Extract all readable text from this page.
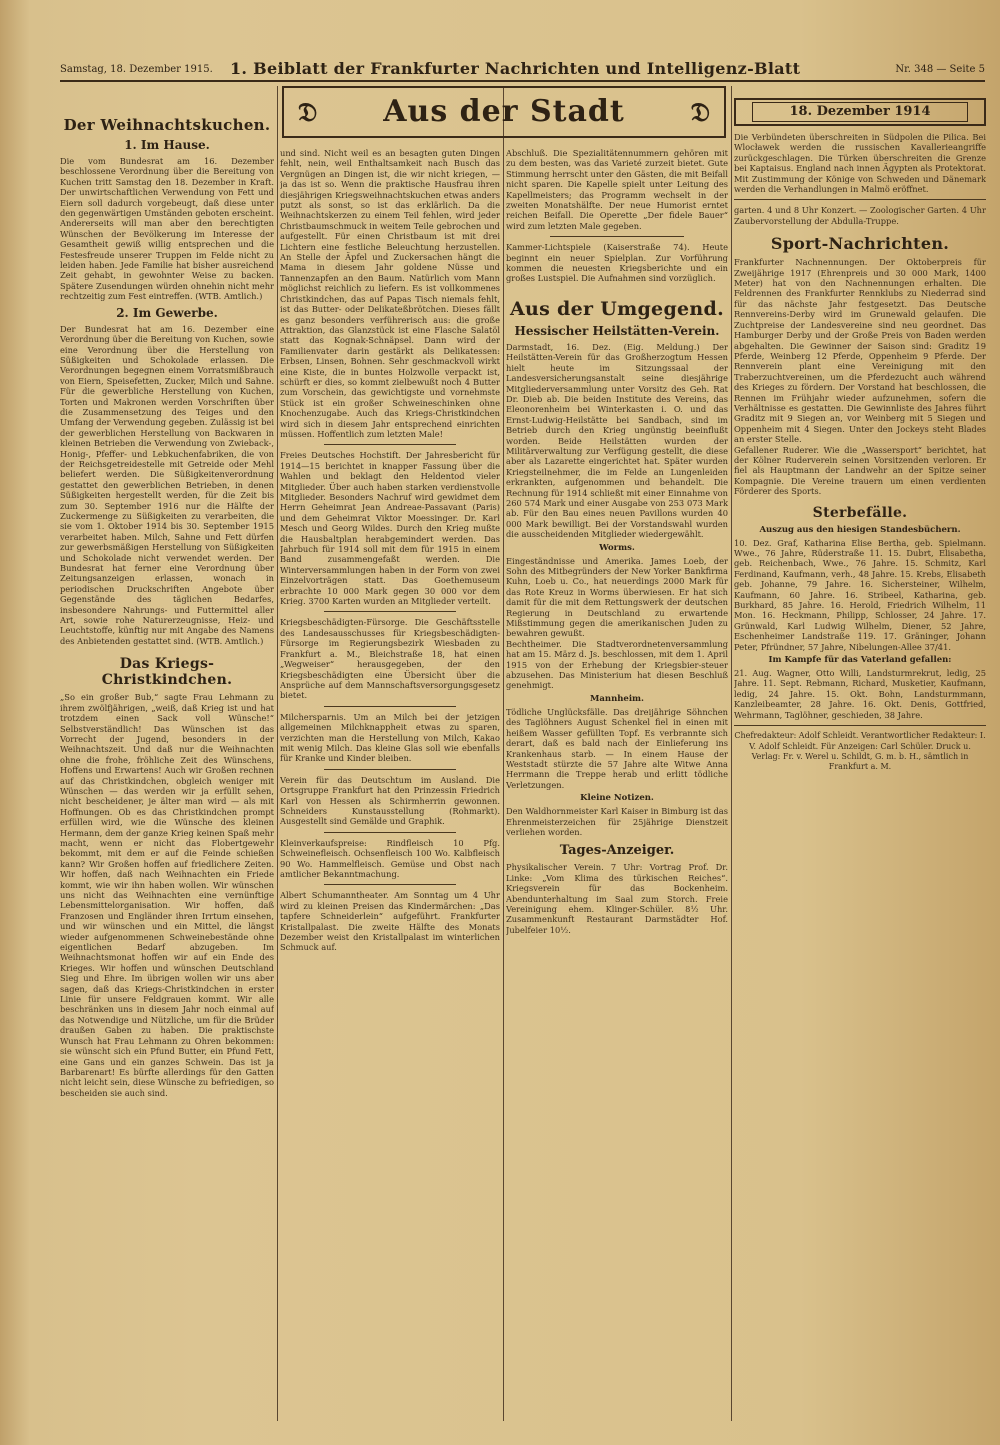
Samstag, 18. Dezember 1915. 1. Beiblatt der Frankfurter Nachrichten und Intelligenz-Blatt	Nr. 348 — Seite 5
Der Weihnachtskuchen.
1. Im Hause.

Die vom Bundesrat am 16. Dezember beschlossene Verordnung über die Bereitung von Kuchen tritt Samstag den 18. Dezember in Kraft. Der unwirtschaftlichen Verwendung von Fett und Eiern soll dadurch vorgebeugt, daß diese unter den gegenwärtigen Umständen geboten erscheint. Andererseits will man aber den berechtigten Wünschen der Bevölkerung im Interesse der Gesamtheit gewiß willig entsprechen und die Festesfreude unserer Truppen im Felde nicht zu leiden haben. Jede Familie hat bisher ausreichend Zeit gehabt, in gewohnter Weise zu backen. Spätere Zusendungen würden ohnehin nicht mehr rechtzeitig zum Fest eintreffen. (WTB. Amtlich.)

2. Im Gewerbe.

Der Bundesrat hat am 16. Dezember eine Verordnung über die Bereitung von Kuchen, sowie eine Verordnung über die Herstellung von Süßigkeiten und Schokolade erlassen. Die Verordnungen begegnen einem Vorratsmißbrauch von Eiern, Speisefetten, Zucker, Milch und Sahne. Für die gewerbliche Herstellung von Kuchen, Torten und Makronen werden Vorschriften über die Zusammensetzung des Teiges und den Umfang der Verwendung gegeben. Zulässig ist bei der gewerblichen Herstellung von Backwaren in kleinen Betrieben die Verwendung von Zwieback-, Honig-, Pfeffer- und Lebkuchenfabriken, die von der Reichsgetreidestelle mit Getreide oder Mehl beliefert werden. Die Süßigkeitenverordnung gestattet den gewerblichen Betrieben, in denen Süßigkeiten hergestellt werden, für die Zeit bis zum 30. September 1916 nur die Hälfte der Zuckermenge zu Süßigkeiten zu verarbeiten, die sie vom 1. Oktober 1914 bis 30. September 1915 verarbeitet haben. Milch, Sahne und Fett dürfen zur gewerbsmäßigen Herstellung von Süßigkeiten und Schokolade nicht verwendet werden. Der Bundesrat hat ferner eine Verordnung über Zeitungsanzeigen erlassen, wonach in periodischen Druckschriften Angebote über Gegenstände des täglichen Bedarfes, insbesondere Nahrungs- und Futtermittel aller Art, sowie rohe Naturerzeugnisse, Heiz- und Leuchtstoffe, künftig nur mit Angabe des Namens des Anbietenden gestattet sind. (WTB. Amtlich.)

Das Kriegs-Christkindchen.

„So ein großer Bub,“ sagte Frau Lehmann zu ihrem zwölfjährigen, „weiß, daß Krieg ist und hat trotzdem einen Sack voll Wünsche!“ Selbstverständlich! Das Wünschen ist das Vorrecht der Jugend, besonders in der Weihnachtszeit. Und daß nur die Weihnachten ohne die frohe, fröhliche Zeit des Wünschens, Hoffens und Erwartens! Auch wir Großen rechnen auf das Christkindchen, obgleich weniger mit Wünschen — das werden wir ja erfüllt sehen, nicht bescheidener, je älter man wird — als mit Hoffnungen. Ob es das Christkindchen prompt erfüllen wird, wie die Wünsche des kleinen Hermann, dem der ganze Krieg keinen Spaß mehr macht, wenn er nicht das Flobertgewehr bekommt, mit dem er auf die Feinde schießen kann? Wir Großen hoffen auf friedlichere Zeiten. Wir hoffen, daß nach Weihnachten ein Friede kommt, wie wir ihn haben wollen. Wir wünschen uns nicht das Weihnachten eine vernünftige Lebensmittelorganisation. Wir hoffen, daß Franzosen und Engländer ihren Irrtum einsehen, und wir wünschen und ein Mittel, die längst wieder aufgenommenen Schweinebestände ohne eigentlichen Bedarf abzugeben. Im Weihnachtsmonat hoffen wir auf ein Ende des Krieges. Wir hoffen und wünschen Deutschland Sieg und Ehre. Im übrigen wollen wir uns aber sagen, daß das Kriegs-Christkindchen in erster Linie für unsere Feldgrauen kommt. Wir alle beschränken uns in diesem Jahr noch einmal auf das Notwendige und Nützliche, um für die Brüder draußen Gaben zu haben. Die praktischste Wunsch hat Frau Lehmann zu Ohren bekommen: sie wünscht sich ein Pfund Butter, ein Pfund Fett, eine Gans und ein ganzes Schwein. Das ist ja Barbarenart! Es bürfte allerdings für den Gatten nicht leicht sein, diese Wünsche zu befriedigen, so bescheiden sie auch sind.

𝔇	Aus der Stadt	𝔇

und sind. Nicht weil es an besagten guten Dingen fehlt, nein, weil Enthaltsamkeit nach Busch das Vergnügen an Dingen ist, die wir nicht kriegen, — ja das ist so. Wenn die praktische Hausfrau ihren diesjährigen Kriegsweihnachtskuchen etwas anders putzt als sonst, so ist das erklärlich. Da die Weihnachtskerzen zu einem Teil fehlen, wird jeder Christbaumschmuck in weitem Teile gebrochen und aufgestellt. Für einen Christbaum ist mit drei Lichtern eine festliche Beleuchtung herzustellen. An Stelle der Äpfel und Zuckersachen hängt die Mama in diesem Jahr goldene Nüsse und Tannenzapfen an den Baum. Natürlich vom Mann möglichst reichlich zu liefern. Es ist vollkommenes Christkindchen, das auf Papas Tisch niemals fehlt, ist das Butter- oder Delikateßbrötchen. Dieses fällt es ganz besonders verführerisch aus: die große Attraktion, das Glanzstück ist eine Flasche Salatöl statt das Kognak-Schnäpsel. Dann wird der Familienvater darin gestärkt als Delikatessen: Erbsen, Linsen, Bohnen. Sehr geschmackvoll wirkt eine Kiste, die in buntes Holzwolle verpackt ist, schürft er dies, so kommt zielbewußt noch 4 Butter zum Vorschein, das gewichtigste und vornehmste Stück ist ein großer Schweineschinken ohne Knochenzugabe. Auch das Kriegs-Christkindchen wird sich in diesem Jahr entsprechend einrichten müssen. Hoffentlich zum letzten Male!

Freies Deutsches Hochstift. Der Jahresbericht für 1914—15 berichtet in knapper Fassung über die Wahlen und beklagt den Heldentod vieler Mitglieder. Über auch haben starken verdienstvolle Mitglieder. Besonders Nachruf wird gewidmet dem Herrn Geheimrat Jean Andreae-Passavant (Paris) und dem Geheimrat Viktor Moessinger. Dr. Karl Mesch und Georg Wildes. Durch den Krieg mußte die Hausbaltplan herabgemindert werden. Das Jahrbuch für 1914 soll mit dem für 1915 in einem Band zusammengefaßt werden. Die Winterversammlungen haben in der Form von zwei Einzelvorträgen statt. Das Goethemuseum erbrachte 10 000 Mark gegen 30 000 vor dem Krieg. 3700 Karten wurden an Mitglieder verteilt.

Kriegsbeschädigten-Fürsorge. Die Geschäftsstelle des Landesausschusses für Kriegsbeschädigten-Fürsorge im Regierungsbezirk Wiesbaden zu Frankfurt a. M., Bleichstraße 18, hat einen „Wegweiser“ herausgegeben, der den Kriegsbeschädigten eine Übersicht über die Ansprüche auf dem Mannschaftsversorgungsgesetz bietet.

Milchersparnis. Um an Milch bei der jetzigen allgemeinen Milchknappheit etwas zu sparen, verzichten man die Herstellung von Milch, Kakao mit wenig Milch. Das kleine Glas soll wie ebenfalls für Kranke und Kinder bleiben.

Verein für das Deutschtum im Ausland. Die Ortsgruppe Frankfurt hat den Prinzessin Friedrich Karl von Hessen als Schirmherrin gewonnen. Schneiders Kunstausstellung (Rohmarkt). Ausgestellt sind Gemälde und Graphik.

Kleinverkaufspreise: Rindfleisch 10 Pfg. Schweinefleisch. Ochsenfleisch 100 Wo. Kalbfleisch 90 Wo. Hammelfleisch. Gemüse und Obst nach amtlicher Bekanntmachung.

Albert Schumanntheater. Am Sonntag um 4 Uhr wird zu kleinen Preisen das Kindermärchen: „Das tapfere Schneiderlein“ aufgeführt. Frankfurter Kristallpalast. Die zweite Hälfte des Monats Dezember weist den Kristallpalast im winterlichen Schmuck auf.

Abschluß. Die Spezialitätennummern gehören mit zu dem besten, was das Varieté zurzeit bietet. Gute Stimmung herrscht unter den Gästen, die mit Beifall nicht sparen. Die Kapelle spielt unter Leitung des Kapellmeisters; das Programm wechselt in der zweiten Monatshälfte. Der neue Humorist erntet reichen Beifall. Die Operette „Der fidele Bauer“ wird zum letzten Male gegeben.

Kammer-Lichtspiele (Kaiserstraße 74). Heute beginnt ein neuer Spielplan. Zur Vorführung kommen die neuesten Kriegsberichte und ein großes Lustspiel. Die Aufnahmen sind vorzüglich.

Aus der Umgegend.
Hessischer Heilstätten-Verein.

Darmstadt, 16. Dez. (Eig. Meldung.) Der Heilstätten-Verein für das Großherzogtum Hessen hielt heute im Sitzungssaal der Landesversicherungsanstalt seine diesjährige Mitgliederversammlung unter Vorsitz des Geh. Rat Dr. Dieb ab. Die beiden Institute des Vereins, das Eleonorenheim bei Winterkasten i. O. und das Ernst-Ludwig-Heilstätte bei Sandbach, sind im Betrieb durch den Krieg ungünstig beeinflußt worden. Beide Heilstätten wurden der Militärverwaltung zur Verfügung gestellt, die diese aber als Lazarette eingerichtet hat. Später wurden Kriegsteilnehmer, die im Felde an Lungenleiden erkrankten, aufgenommen und behandelt. Die Rechnung für 1914 schließt mit einer Einnahme von 260 574 Mark und einer Ausgabe von 253 073 Mark ab. Für den Bau eines neuen Pavillons wurden 40 000 Mark bewilligt. Bei der Vorstandswahl wurden die ausscheidenden Mitglieder wiedergewählt.

Worms.

Eingeständnisse und Amerika. James Loeb, der Sohn des Mitbegründers der New Yorker Bankfirma Kuhn, Loeb u. Co., hat neuerdings 2000 Mark für das Rote Kreuz in Worms überwiesen. Er hat sich damit für die mit dem Rettungswerk der deutschen Regierung in Deutschland zu erwartende Mißstimmung gegen die amerikanischen Juden zu bewahren gewußt.

Bechtheimer. Die Stadtverordnetenversammlung hat am 15. März d. Js. beschlossen, mit dem 1. April 1915 von der Erhebung der Kriegsbier-steuer abzusehen. Das Ministerium hat diesen Beschluß genehmigt.

Mannheim.

Tödliche Unglücksfälle. Das dreijährige Söhnchen des Taglöhners August Schenkel fiel in einen mit heißem Wasser gefüllten Topf. Es verbrannte sich derart, daß es bald nach der Einlieferung ins Krankenhaus starb. — In einem Hause der Weststadt stürzte die 57 Jahre alte Witwe Anna Herrmann die Treppe herab und erlitt tödliche Verletzungen.

Kleine Notizen.

Den Waldhornmeister Karl Kaiser in Bimburg ist das Ehrenmeisterzeichen für 25jährige Dienstzeit verliehen worden.

Tages-Anzeiger.

Physikalischer Verein. 7 Uhr: Vortrag Prof. Dr. Linke: „Vom Klima des türkischen Reiches“. Kriegsverein für das Bockenheim. Abendunterhaltung im Saal zum Storch. Freie Vereinigung ehem. Klinger-Schüler. 8½ Uhr. Zusammenkunft Restaurant Darmstädter Hof. Jubelfeier 10½.

18. Dezember 1914

Die Verbündeten überschreiten in Südpolen die Pilica. Bei Wlocławek werden die russischen Kavallerieangriffe zurückgeschlagen. Die Türken überschreiten die Grenze bei Kaptaisus. England nach innen Ägypten als Protektorat. Mit Zustimmung der Könige von Schweden und Dänemark werden die Verhandlungen in Malmö eröffnet.

garten. 4 und 8 Uhr Konzert. — Zoologischer Garten. 4 Uhr Zaubervorstellung der Abdulla-Truppe.

Sport-Nachrichten.

Frankfurter Nachnennungen. Der Oktoberpreis für Zweijährige 1917 (Ehrenpreis und 30 000 Mark, 1400 Meter) hat von den Nachnennungen erhalten. Die Feldrennen des Frankfurter Rennklubs zu Niederrad sind für das nächste Jahr festgesetzt. Das Deutsche Rennvereins-Derby wird im Grunewald gelaufen. Die Zuchtpreise der Landesvereine sind neu geordnet. Das Hamburger Derby und der Große Preis von Baden werden abgehalten. Die Gewinner der Saison sind: Graditz 19 Pferde, Weinberg 12 Pferde, Oppenheim 9 Pferde. Der Rennverein plant eine Vereinigung mit den Traberzuchtvereinen, um die Pferdezucht auch während des Krieges zu fördern. Der Vorstand hat beschlossen, die Rennen im Frühjahr wieder aufzunehmen, sofern die Verhältnisse es gestatten. Die Gewinnliste des Jahres führt Graditz mit 9 Siegen an, vor Weinberg mit 5 Siegen und Oppenheim mit 4 Siegen. Unter den Jockeys steht Blades an erster Stelle.

Gefallener Ruderer. Wie die „Wassersport“ berichtet, hat der Kölner Ruderverein seinen Vorsitzenden verloren. Er fiel als Hauptmann der Landwehr an der Spitze seiner Kompagnie. Die Vereine trauern um einen verdienten Förderer des Sports.

Sterbefälle.
Auszug aus den hiesigen Standesbüchern.

10. Dez. Graf, Katharina Elise Bertha, geb. Spielmann. Wwe., 76 Jahre, Rüderstraße 11. 15. Dubrt, Elisabetha, geb. Reichenbach, Wwe., 76 Jahre. 15. Schmitz, Karl Ferdinand, Kaufmann, verh., 48 Jahre. 15. Krebs, Elisabeth geb. Johanne, 79 Jahre. 16. Sichersteiner, Wilhelm, Kaufmann, 60 Jahre. 16. Stribeel, Katharina, geb. Burkhard, 85 Jahre. 16. Herold, Friedrich Wilhelm, 11 Mon. 16. Heckmann, Philipp, Schlosser, 24 Jahre. 17. Grünwald, Karl Ludwig Wilhelm, Diener, 52 Jahre, Eschenheimer Landstraße 119. 17. Gräninger, Johann Peter, Pfründner, 57 Jahre, Nibelungen-Allee 37/41.

Im Kampfe für das Vaterland gefallen:

21. Aug. Wagner, Otto Willi, Landsturmrekrut, ledig, 25 Jahre. 11. Sept. Rebmann, Richard, Musketier, Kaufmann, ledig, 24 Jahre. 15. Okt. Bohn, Landsturmmann, Kanzleibeamter, 28 Jahre. 16. Okt. Denis, Gottfried, Wehrmann, Taglöhner, geschieden, 38 Jahre.

Chefredakteur: Adolf Schleidt. Verantwortlicher Redakteur: I. V. Adolf Schleidt. Für Anzeigen: Carl Schüler. Druck u. Verlag: Fr. v. Werel u. Schildt, G. m. b. H., sämtlich in Frankfurt a. M.
